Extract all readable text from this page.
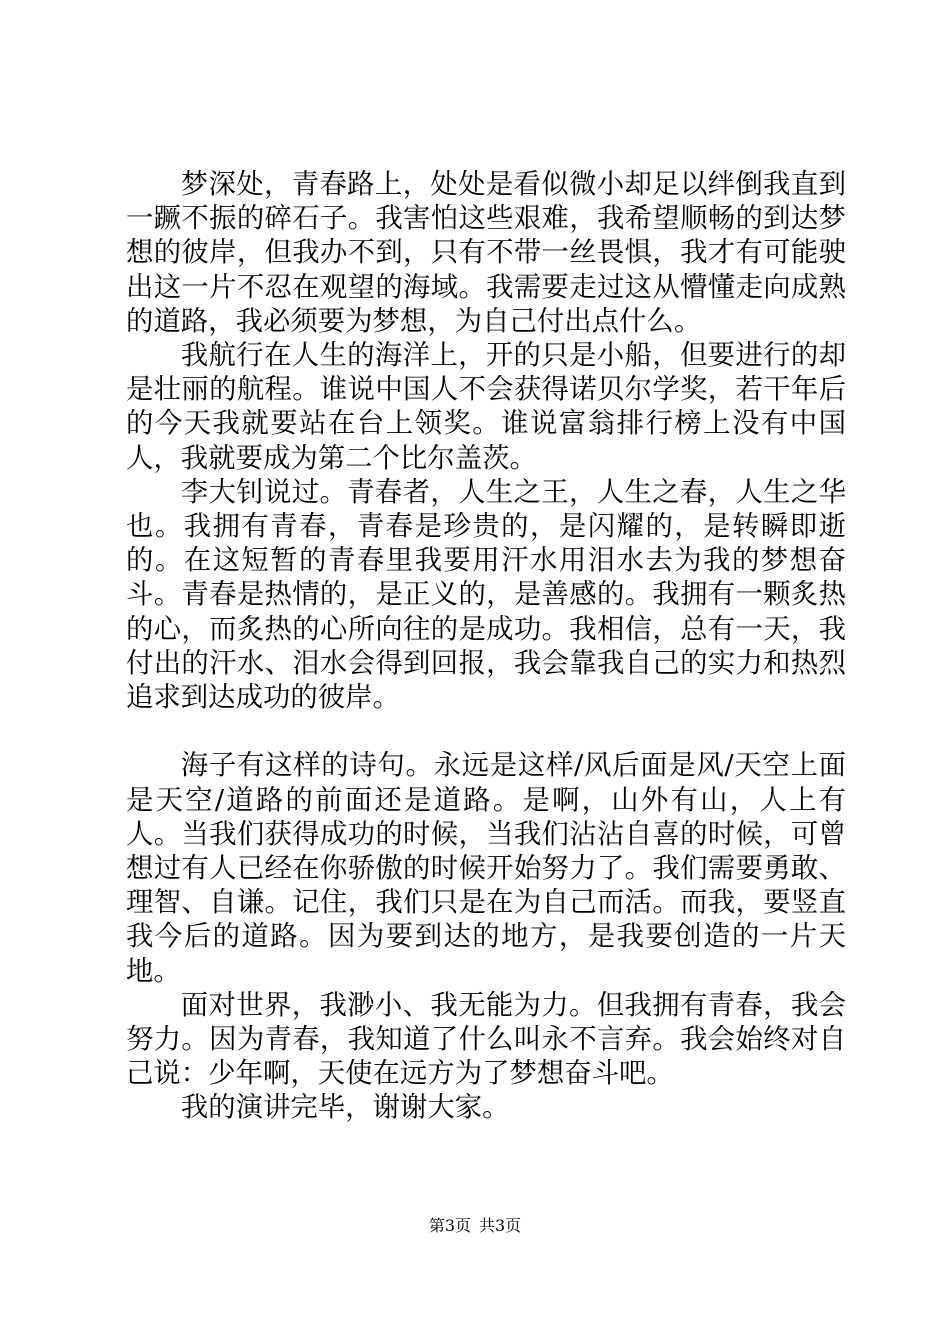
梦深处，青春路上，处处是看似微小却足以绊倒我直到一蹶不振的碎石子。我害怕这些艰难，我希望顺畅的到达梦想的彼岸，但我办不到，只有不带一丝畏惧，我才有可能驶出这一片不忍在观望的海域。我需要走过这从懵懂走向成熟的道路，我必须要为梦想，为自己付出点什么。

我航行在人生的海洋上，开的只是小船，但要进行的却是壮丽的航程。谁说中国人不会获得诺贝尔学奖，若干年后的今天我就要站在台上领奖。谁说富翁排行榜上没有中国人，我就要成为第二个比尔盖茨。

李大钊说过。青春者，人生之王，人生之春，人生之华也。我拥有青春，青春是珍贵的，是闪耀的，是转瞬即逝的。在这短暂的青春里我要用汗水用泪水去为我的梦想奋斗。青春是热情的，是正义的，是善感的。我拥有一颗炙热的心，而炙热的心所向往的是成功。我相信，总有一天，我付出的汗水、泪水会得到回报，我会靠我自己的实力和热烈追求到达成功的彼岸。

海子有这样的诗句。永远是这样/风后面是风/天空上面是天空/道路的前面还是道路。是啊，山外有山，人上有人。当我们获得成功的时候，当我们沾沾自喜的时候，可曾想过有人已经在你骄傲的时候开始努力了。我们需要勇敢、理智、自谦。记住，我们只是在为自己而活。而我，要竖直我今后的道路。因为要到达的地方，是我要创造的一片天地。

面对世界，我渺小、我无能为力。但我拥有青春，我会努力。因为青春，我知道了什么叫永不言弃。我会始终对自己说：少年啊，天使在远方为了梦想奋斗吧。

我的演讲完毕，谢谢大家。

第3页 共3页
